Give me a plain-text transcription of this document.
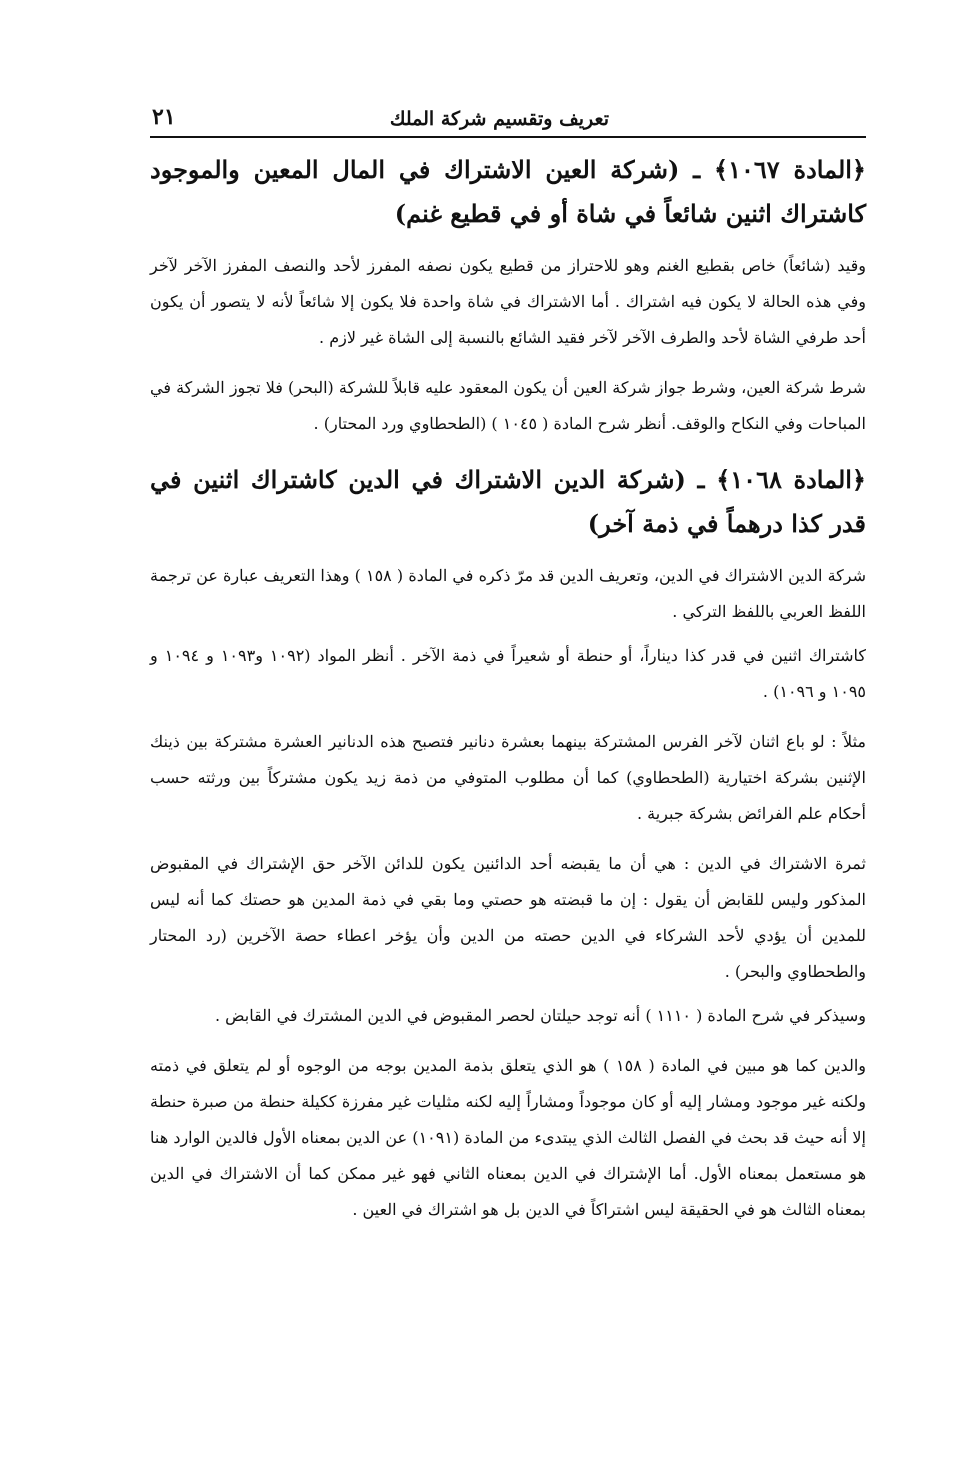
تعريف وتقسيم شركة الملك
٢١

﴿المادة ١٠٦٧﴾ ـ (شركة العين الاشتراك في المال المعين والموجود كاشتراك اثنين شائعاً في شاة أو في قطيع غنم)

وقيد (شائعاً) خاص بقطيع الغنم وهو للاحتراز من قطيع يكون نصفه المفرز لأحد والنصف المفرز الآخر لآخر وفي هذه الحالة لا يكون فيه اشتراك . أما الاشتراك في شاة واحدة فلا يكون إلا شائعاً لأنه لا يتصور أن يكون أحد طرفي الشاة لأحد والطرف الآخر لآخر فقيد الشائع بالنسبة إلى الشاة غير لازم .

شرط شركة العين، وشرط جواز شركة العين أن يكون المعقود عليه قابلاً للشركة (البحر) فلا تجوز الشركة في المباحات وفي النكاح والوقف. أنظر شرح المادة ( ١٠٤٥ ) (الطحطاوي ورد المحتار) .

﴿المادة ١٠٦٨﴾ ـ (شركة الدين الاشتراك في الدين كاشتراك اثنين في قدر كذا درهماً في ذمة آخر)

شركة الدين الاشتراك في الدين، وتعريف الدين قد مرّ ذكره في المادة ( ١٥٨ ) وهذا التعريف عبارة عن ترجمة اللفظ العربي باللفظ التركي .

كاشتراك اثنين في قدر كذا ديناراً، أو حنطة أو شعيراً في ذمة الآخر . أنظر المواد (١٠٩٢ و١٠٩٣ و ١٠٩٤ و ١٠٩٥ و ١٠٩٦) .

مثلاً : لو باع اثنان لآخر الفرس المشتركة بينهما بعشرة دنانير فتصبح هذه الدنانير العشرة مشتركة بين ذينك الإثنين بشركة اختيارية (الطحطاوي) كما أن مطلوب المتوفي من ذمة زيد يكون مشتركاً بين ورثته حسب أحكام علم الفرائض بشركة جبرية .

ثمرة الاشتراك في الدين : هي أن ما يقبضه أحد الدائنين يكون للدائن الآخر حق الإشتراك في المقبوض المذكور وليس للقابض أن يقول : إن ما قبضته هو حصتي وما بقي في ذمة المدين هو حصتك كما أنه ليس للمدين أن يؤدي لأحد الشركاء في الدين حصته من الدين وأن يؤخر اعطاء حصة الآخرين (رد المحتار والطحطاوي والبحر) .

وسيذكر في شرح المادة ( ١١١٠ ) أنه توجد حيلتان لحصر المقبوض في الدين المشترك في القابض .

والدين كما هو مبين في المادة ( ١٥٨ ) هو الذي يتعلق بذمة المدين بوجه من الوجوه أو لم يتعلق في ذمته ولكنه غير موجود ومشار إليه أو كان موجوداً ومشاراً إليه لكنه مثليات غير مفرزة ككيلة حنطة من صبرة حنطة إلا أنه حيث قد بحث في الفصل الثالث الذي يبتدىء من المادة (١٠٩١) عن الدين بمعناه الأول فالدين الوارد هنا هو مستعمل بمعناه الأول. أما الإشتراك في الدين بمعناه الثاني فهو غير ممكن كما أن الاشتراك في الدين بمعناه الثالث هو في الحقيقة ليس اشتراكاً في الدين بل هو اشتراك في العين .
